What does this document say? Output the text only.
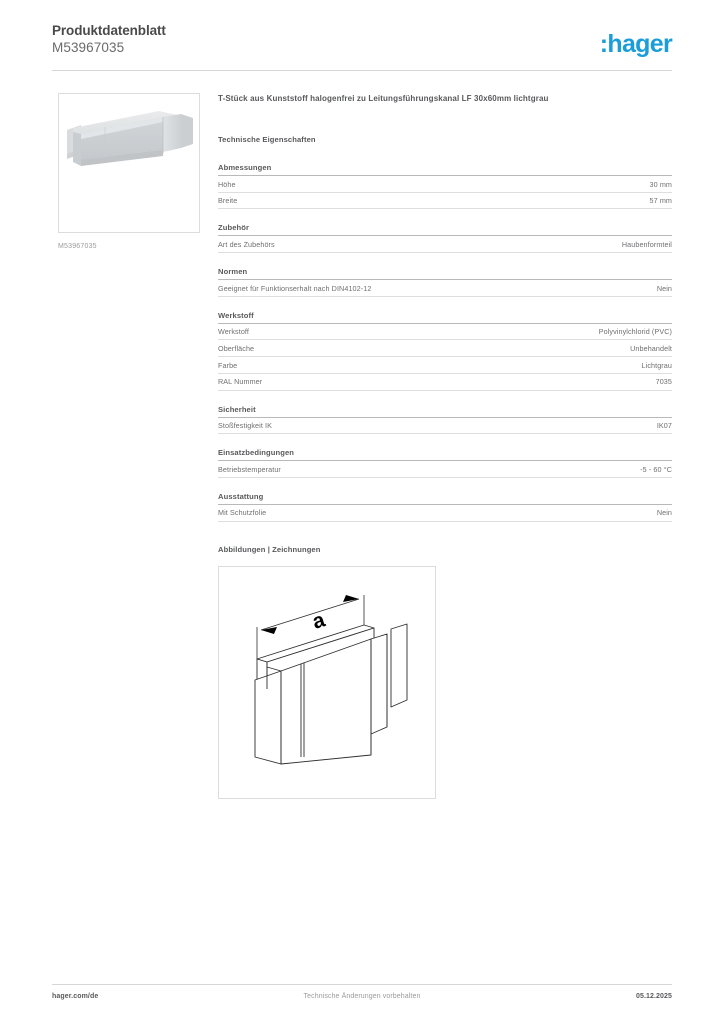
Produktdatenblatt
M53967035	:hager
M53967035
T-Stück aus Kunststoff halogenfrei zu Leitungsführungskanal LF 30x60mm lichtgrau
Technische Eigenschaften
Abmessungen
Höhe	30 mm
Breite	57 mm
Zubehör
Art des Zubehörs	Haubenformteil
Normen
Geeignet für Funktionserhalt nach DIN4102-12	Nein
Werkstoff
Werkstoff	Polyvinylchlorid (PVC)
Oberfläche	Unbehandelt
Farbe	Lichtgrau
RAL Nummer	7035
Sicherheit
Stoßfestigkeit IK	IK07
Einsatzbedingungen
Betriebstemperatur	-5 - 60 °C
Ausstattung
Mit Schutzfolie	Nein
Abbildungen | Zeichnungen
a
hager.com/de	Technische Änderungen vorbehalten	05.12.2025
